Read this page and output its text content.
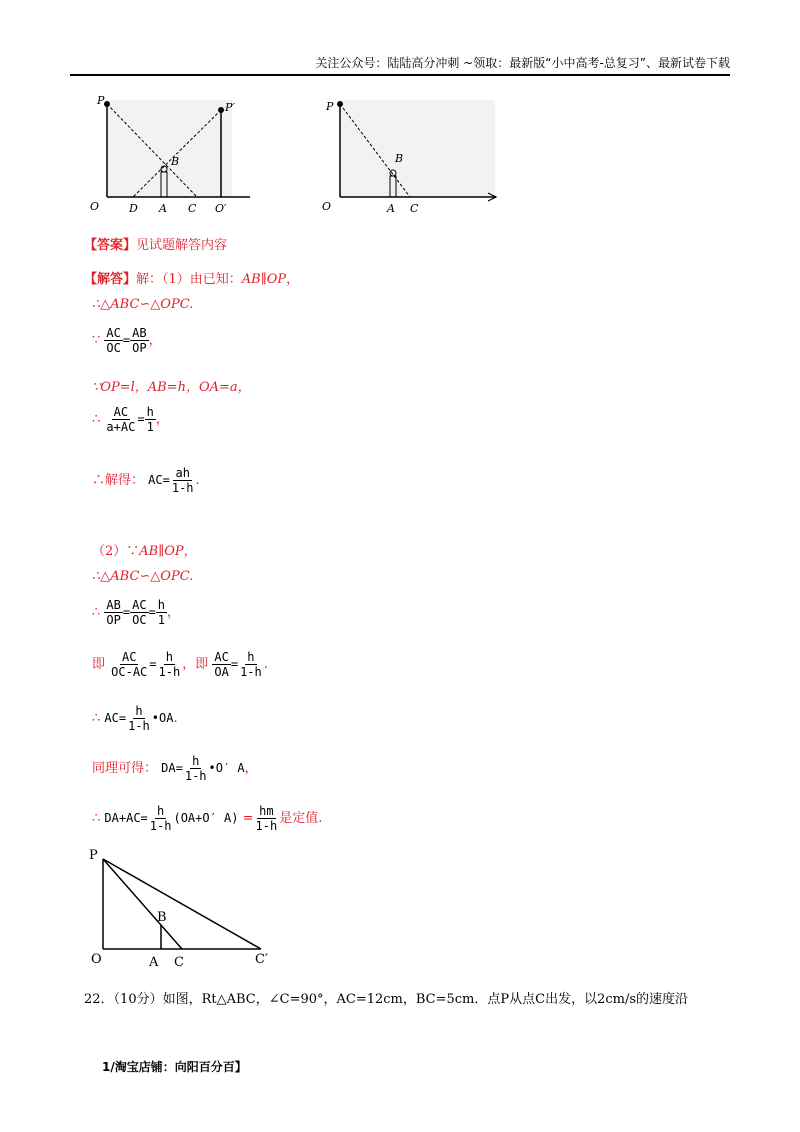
关注公众号：陆陆高分冲刺 ~领取：最新版“小中高考-总复习”、最新试卷下载
P
P′
B
O	D A C O′
P
B
O	A C
【答案】见试题解答内容
【解答】解：（1）由已知：AB∥OP，
∴△ABC∽△OPC.
∵ $\frac{AC}{OC} = \frac{AB}{OP}$ ，
∵OP=l，AB=h，OA=a，
∴ $\frac{AC}{a+AC} = \frac{h}{1}$ ，
∴解得： $AC= \frac{ah}{1-h}$ .
（2）∵AB∥OP，
∴△ABC∽△OPC.
∴ $\frac{AB}{OP} = \frac{AC}{OC} = \frac{h}{1}$ ，
即 $\frac{AC}{OC-AC} = \frac{h}{1-h}$ ，即 $\frac{AC}{OA} = \frac{h}{1-h}$ .
∴ $AC= \frac{h}{1-h}$ •OA.
同理可得： $DA= \frac{h}{1-h}$ •O′ A，
∴ $DA+AC= \frac{h}{1-h} (OA+O'$ $A) = \frac{hm}{1-h}$ 是定值.
P
B
O	A C	C′
22．（10分）如图，Rt△ABC，∠C=90°，AC=12cm，BC=5cm．点P从点C出发，以2cm/s的速度沿
1/淘宝店铺：向阳百分百】
